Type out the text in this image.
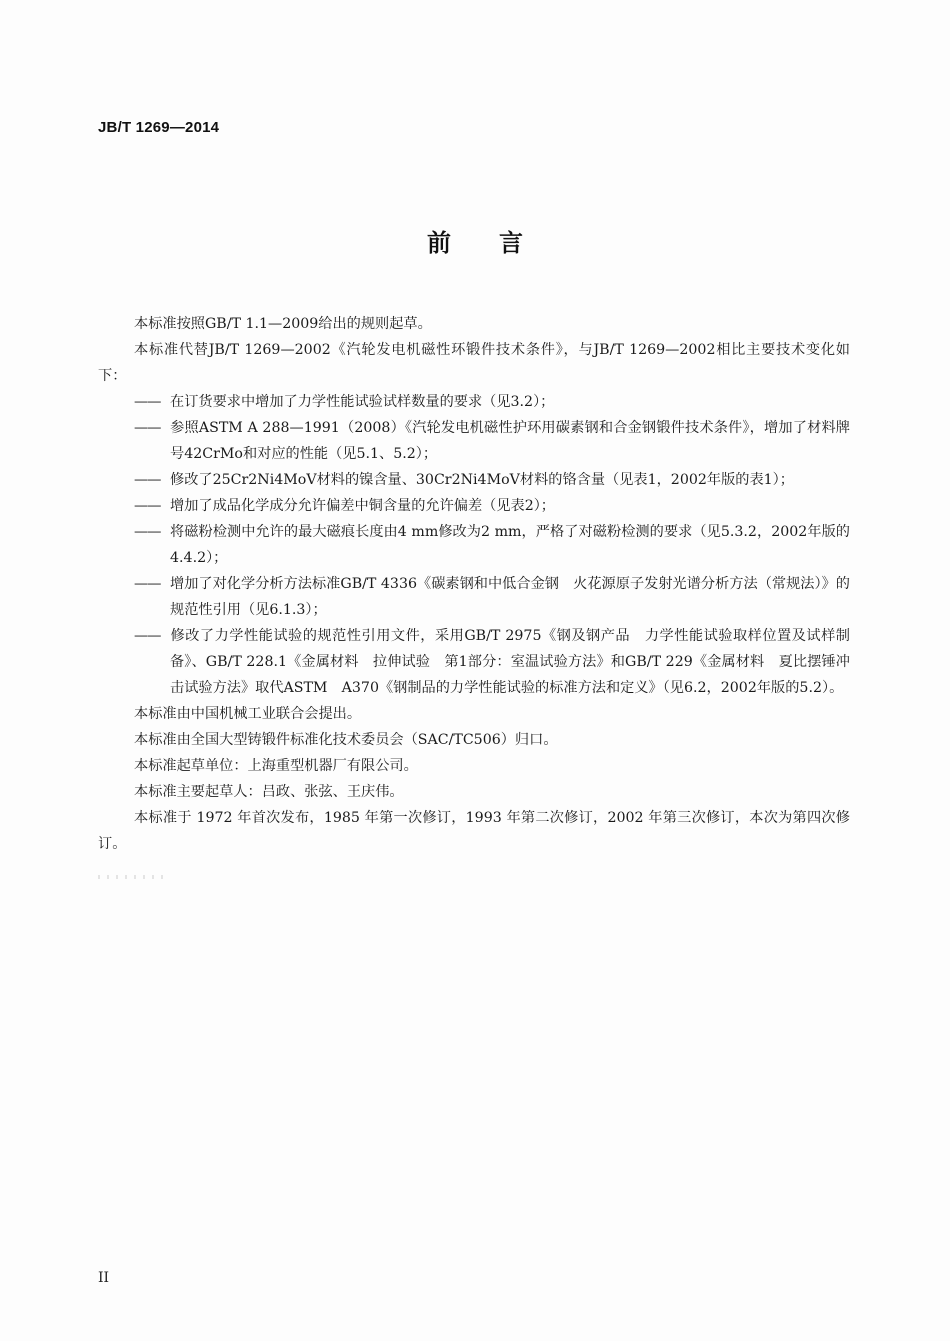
JB/T 1269—2014
前言

本标准按照GB/T 1.1—2009给出的规则起草。

本标准代替JB/T 1269—2002《汽轮发电机磁性环锻件技术条件》，与JB/T 1269—2002相比主要技术变化如下：

—— 在订货要求中增加了力学性能试验试样数量的要求（见3.2）；

—— 参照ASTM A 288—1991（2008）《汽轮发电机磁性护环用碳素钢和合金钢锻件技术条件》，增加了材料牌号42CrMo和对应的性能（见5.1、5.2）；

—— 修改了25Cr2Ni4MoV材料的镍含量、30Cr2Ni4MoV材料的铬含量（见表1，2002年版的表1）；

—— 增加了成品化学成分允许偏差中铜含量的允许偏差（见表2）；

—— 将磁粉检测中允许的最大磁痕长度由4 mm修改为2 mm，严格了对磁粉检测的要求（见5.3.2，2002年版的4.4.2）；

—— 增加了对化学分析方法标准GB/T 4336《碳素钢和中低合金钢　火花源原子发射光谱分析方法（常规法）》的规范性引用（见6.1.3）；

—— 修改了力学性能试验的规范性引用文件，采用GB/T 2975《钢及钢产品　力学性能试验取样位置及试样制备》、GB/T 228.1《金属材料　拉伸试验　第1部分：室温试验方法》和GB/T 229《金属材料　夏比摆锤冲击试验方法》取代ASTM　A370《钢制品的力学性能试验的标准方法和定义》（见6.2，2002年版的5.2）。

本标准由中国机械工业联合会提出。

本标准由全国大型铸锻件标准化技术委员会（SAC/TC506）归口。

本标准起草单位：上海重型机器厂有限公司。

本标准主要起草人：吕政、张弦、王庆伟。

本标准于 1972 年首次发布，1985 年第一次修订，1993 年第二次修订，2002 年第三次修订，本次为第四次修订。

II
